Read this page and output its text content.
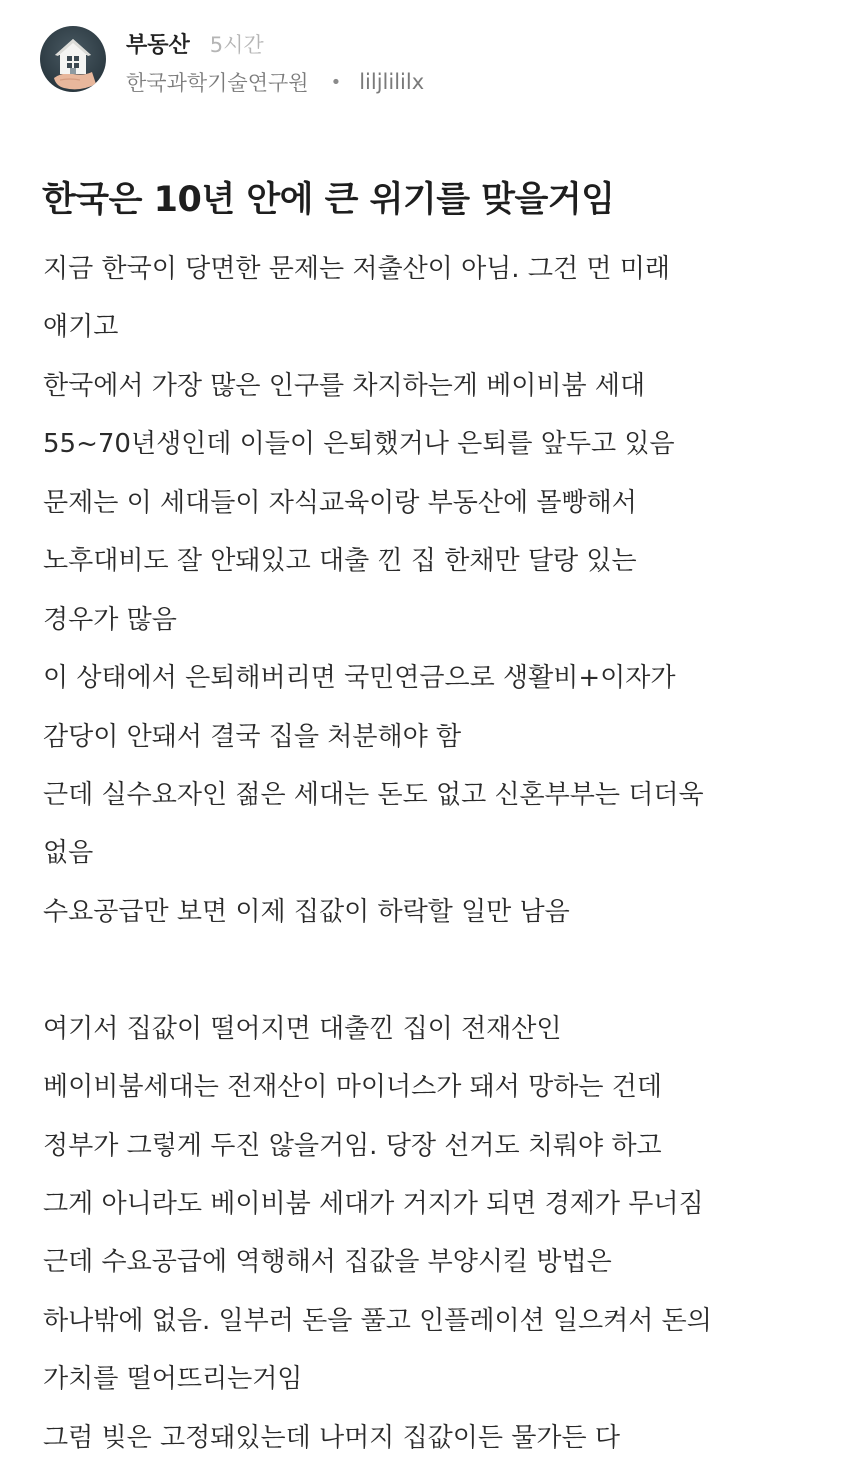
부동산 5시간
한국과학기술연구원 • liljlililx
한국은 10년 안에 큰 위기를 맞을거임
지금 한국이 당면한 문제는 저출산이 아님. 그건 먼 미래
얘기고
한국에서 가장 많은 인구를 차지하는게 베이비붐 세대
55~70년생인데 이들이 은퇴했거나 은퇴를 앞두고 있음
문제는 이 세대들이 자식교육이랑 부동산에 몰빵해서
노후대비도 잘 안돼있고 대출 낀 집 한채만 달랑 있는
경우가 많음
이 상태에서 은퇴해버리면 국민연금으로 생활비+이자가
감당이 안돼서 결국 집을 처분해야 함
근데 실수요자인 젊은 세대는 돈도 없고 신혼부부는 더더욱
없음
수요공급만 보면 이제 집값이 하락할 일만 남음
여기서 집값이 떨어지면 대출낀 집이 전재산인
베이비붐세대는 전재산이 마이너스가 돼서 망하는 건데
정부가 그렇게 두진 않을거임. 당장 선거도 치뤄야 하고
그게 아니라도 베이비붐 세대가 거지가 되면 경제가 무너짐
근데 수요공급에 역행해서 집값을 부양시킬 방법은
하나밖에 없음. 일부러 돈을 풀고 인플레이션 일으켜서 돈의
가치를 떨어뜨리는거임
그럼 빚은 고정돼있는데 나머지 집값이든 물가든 다
